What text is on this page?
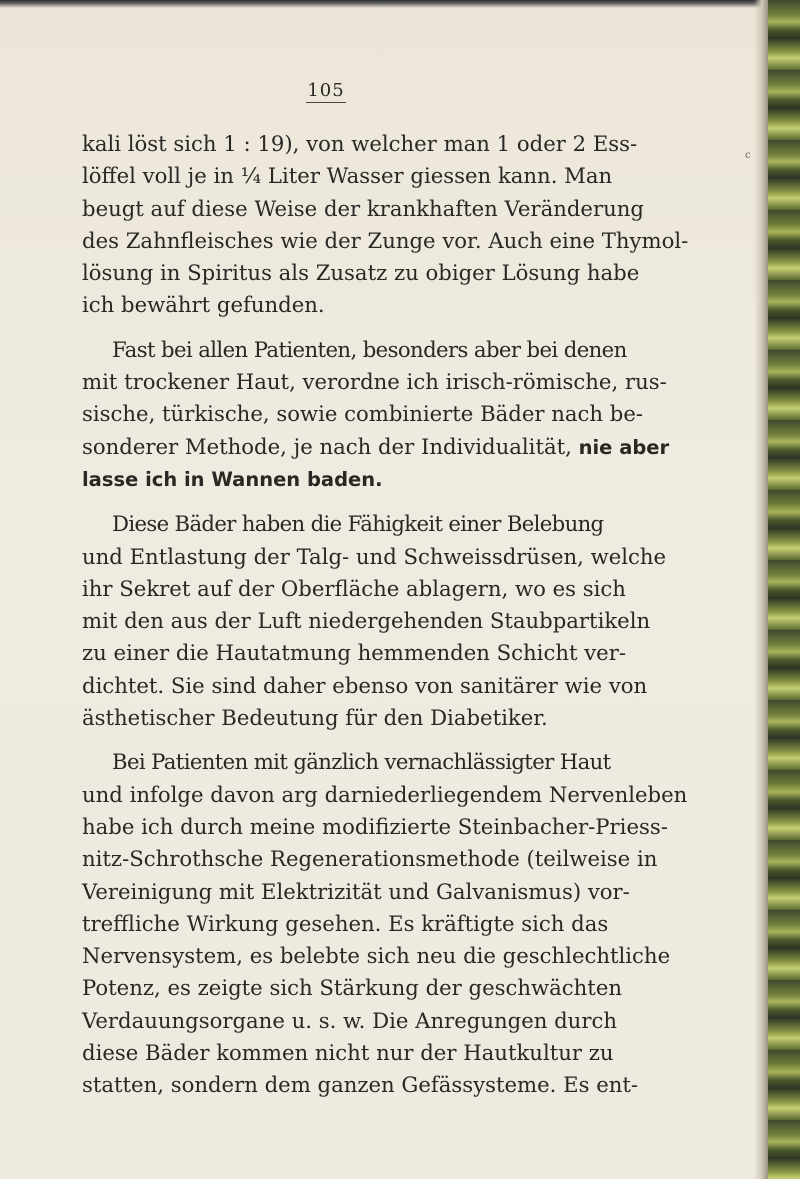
105
c

kali löst sich 1 : 19), von welcher man 1 oder 2 Ess-
löffel voll je in ¼ Liter Wasser giessen kann. Man
beugt auf diese Weise der krankhaften Veränderung
des Zahnfleisches wie der Zunge vor. Auch eine Thymol-
lösung in Spiritus als Zusatz zu obiger Lösung habe
ich bewährt gefunden.

Fast bei allen Patienten, besonders aber bei denen
mit trockener Haut, verordne ich irisch-römische, rus-
sische, türkische, sowie combinierte Bäder nach be-
sonderer Methode, je nach der Individualität, nie aber
lasse ich in Wannen baden.

Diese Bäder haben die Fähigkeit einer Belebung
und Entlastung der Talg- und Schweissdrüsen, welche
ihr Sekret auf der Oberfläche ablagern, wo es sich
mit den aus der Luft niedergehenden Staubpartikeln
zu einer die Hautatmung hemmenden Schicht ver-
dichtet. Sie sind daher ebenso von sanitärer wie von
ästhetischer Bedeutung für den Diabetiker.

Bei Patienten mit gänzlich vernachlässigter Haut
und infolge davon arg darniederliegendem Nervenleben
habe ich durch meine modifizierte Steinbacher-Priess-
nitz-Schrothsche Regenerationsmethode (teilweise in
Vereinigung mit Elektrizität und Galvanismus) vor-
treffliche Wirkung gesehen. Es kräftigte sich das
Nervensystem, es belebte sich neu die geschlechtliche
Potenz, es zeigte sich Stärkung der geschwächten
Verdauungsorgane u. s. w. Die Anregungen durch
diese Bäder kommen nicht nur der Hautkultur zu
statten, sondern dem ganzen Gefässysteme. Es ent-
